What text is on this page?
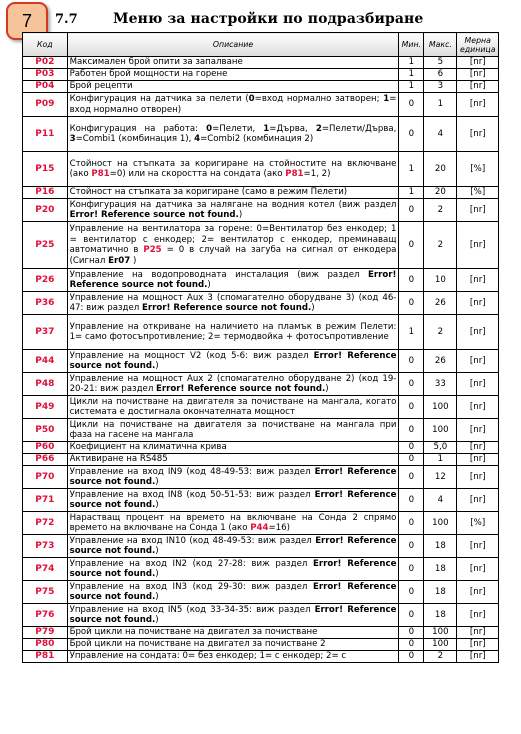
7	7.7	Меню за настройки по подразбиране
Код	Описание	Мин.	Макс.	Мерна единица
P02	Максимален брой опити за запалване	1	5	[nr]
P03	Работен брой мощности на горене	1	6	[nr]
P04	Брой рецепти	1	3	[nr]
P09	Конфигурация на датчика за пелети (0=вход нормално затворен; 1= вход нормално отворен)	0	1	[nr]
P11	Конфигурация на работа: 0=Пелети, 1=Дърва, 2=Пелети/Дърва, 3=Combi1 (комбинация 1), 4=Combi2 (комбинация 2)	0	4	[nr]
P15	Стойност на стъпката за коригиране на стойностите на включване (ако P81=0) или на скоростта на сондата (ако P81=1, 2)	1	20	[%]
P16	Стойност на стъпката за коригиране (само в режим Пелети)	1	20	[%]
P20	Конфигурация на датчика за налягане на водния котел (виж раздел Error! Reference source not found.)	0	2	[nr]
P25	Управление на вентилатора за горене: 0=Вентилатор без енкодер; 1 = вентилатор с енкодер; 2= вентилатор с енкодер, преминаващ автоматично в P25 = 0 в случай на загуба на сигнал от енкодера (Сигнал Er07 )	0	2	[nr]
P26	Управление на водопроводната инсталация (виж раздел Error! Reference source not found.)	0	10	[nr]
P36	Управление на мощност Aux 3 (спомагателно оборудване 3) (код 46-47: виж раздел Error! Reference source not found.)	0	26	[nr]
P37	Управление на откриване на наличието на пламък в режим Пелети: 1= само фотосъпротивление; 2= термодвойка + фотосъпротивление	1	2	[nr]
P44	Управление на мощност V2 (код 5-6: виж раздел Error! Reference source not found.)	0	26	[nr]
P48	Управление на мощност Aux 2 (спомагателно оборудване 2) (код 19-20-21: виж раздел Error! Reference source not found.)	0	33	[nr]
P49	Цикли на почистване на двигателя за почистване на мангала, когато системата е достигнала окончателната мощност	0	100	[nr]
P50	Цикли на почистване на двигателя за почистване на мангала при фаза на гасене на мангала	0	100	[nr]
P60	Коефициент на климатична крива	0	5,0	[nr]
P66	Активиране на RS485	0	1	[nr]
P70	Управление на вход IN9 (код 48-49-53: виж раздел Error! Reference source not found.)	0	12	[nr]
P71	Управление на вход IN8 (код 50-51-53: виж раздел Error! Reference source not found.)	0	4	[nr]
P72	Нарастващ процент на времето на включване на Сонда 2 спрямо времето на включване на Сонда 1 (ако P44=16)	0	100	[%]
P73	Управление на вход IN10 (код 48-49-53: виж раздел Error! Reference source not found.)	0	18	[nr]
P74	Управление на вход IN2 (код 27-28: виж раздел Error! Reference source not found.)	0	18	[nr]
P75	Управление на вход IN3 (код 29-30: виж раздел Error! Reference source not found.)	0	18	[nr]
P76	Управление на вход IN5 (код 33-34-35: виж раздел Error! Reference source not found.)	0	18	[nr]
P79	Брой цикли на почистване на двигател за почистване	0	100	[nr]
P80	Брой цикли на почистване на двигател за почистване 2	0	100	[nr]
P81	Управление на сондата: 0= без енкодер; 1= с енкодер; 2= с	0	2	[nr]
